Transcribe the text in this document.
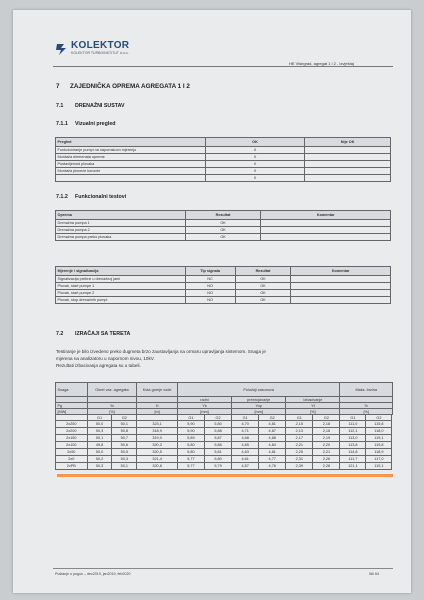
KOLEKTOR
KOLEKTOR TURBOINSTITUT d.o.o.
HE Višegrad, agregat 1 i 2 - Izvještaj
7 ZAJEDNIČKA OPREMA AGREGATA 1 I 2
7.1 DRENAŽNI SUSTAV
7.1.1 Vizualni pregled
Pregled	OK	Nije OK
Funkcioniranje pumpi na napomskom mjerenju	X	
Montaža elemenata opreme	X	
Postavljenost plovaka	X	
Montaža ploveće konzole	X	
	X	
7.1.2 Funkcionalni testovi
Oprema	Rezultat	Komentar
Drenažna pumpa 1	OK	
Drenažna pumpa 2	OK	
Drenažna pumpa preko plovaka	OK	
Mjerenje / signalizacija	Tip signala	Rezultat	Komentar
Signalizacija prebrzi u drenažnoj jami	NC	OK	
Plovak, start pumpe 1	NO	OK	
Plovak, start pumpe 2	NO	OK	
Plovak, stop drenažnih pumpi	NO	OK	
7.2 IZRAČAJI SA TERETA
Testiranje je bilo izvedeno preko dugmeta brzo zaustavljanja na ormaru upravljanja sistemom. Snaga je
mjerena na analizatoru u napornom nivou, 10kV.
Rezultati izbacivanja agregata su u tabeli.
Snaga	Okret vaz. agregata		Kota gornje vode	Položaji zasunova						Maks. brzina		
				radni		prebrojavanje		Izbacivanje				
Pg	Yv		H	Yk		Yop		Yf		%		
[MW]	[%]		[m]	[mm]		[mm]		[%]		[%]		
	G1	G2		G1	G2	G1	G2	G1	G2	G1	G2	
2x250	50,0	50,1	323,1	5,90	5,80	4,70	4,81	2,15	2,18	111,0	115,8	
2x200	50,3	50,8	318,9	5,90	5,88	4,71	4,87	2,13	2,18	112,1	118,0	
2x150	50,1	50,7	319,0	5,89	5,87	4,68	4,88	2,17	2,19	113,0	119,1	
2x100	49,8	50,6	320,3	5,80	5,86	4,65	4,84	2,21	2,20	113,8	119,8	
2x50	50,0	50,5	320,5	5,80	5,81	4,63	4,81	2,25	2,21	114,8	118,9	
2x0	50,2	50,3	321,4	5,77	5,80	4,61	4,77	2,31	2,26	111,7	117,0	
2xPB	50,3	50,1	320,8	5,77	5,79	4,57	4,76	2,39	2,28	121,1	119,1	
Puštanje u pogon – dec2019, jan2019, feb2020	56/ 64
